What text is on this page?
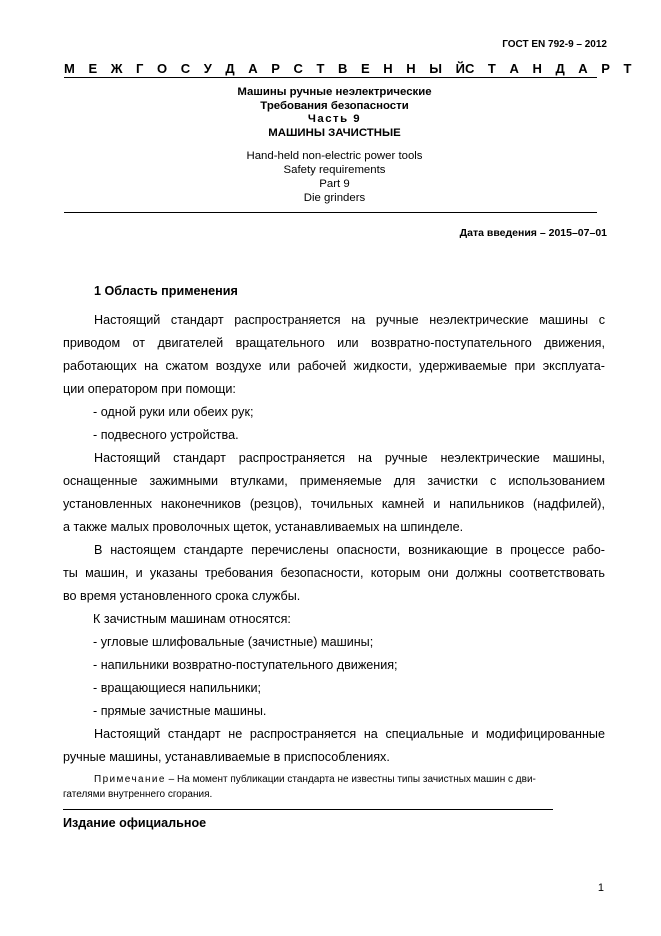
ГОСТ EN 792-9 – 2012
М Е Ж Г О С У Д А Р С Т В Е Н Н Ы Й С Т А Н Д А Р Т
Машины ручные неэлектрические
Требования безопасности
Часть 9
МАШИНЫ ЗАЧИСТНЫЕ
Hand-held non-electric power tools
Safety requirements
Part 9
Die grinders
Дата введения – 2015–07–01
1 Область применения
Настоящий стандарт распространяется на ручные неэлектрические машины с
приводом от двигателей вращательного или возвратно-поступательного движения,
работающих на сжатом воздухе или рабочей жидкости, удерживаемые при эксплуата-
ции оператором при помощи:
- одной руки или обеих рук;
- подвесного устройства.
Настоящий стандарт распространяется на ручные неэлектрические машины,
оснащенные зажимными втулками, применяемые для зачистки с использованием
установленных наконечников (резцов), точильных камней и напильников (надфилей),
а также малых проволочных щеток, устанавливаемых на шпинделе.
В настоящем стандарте перечислены опасности, возникающие в процессе рабо-
ты машин, и указаны требования безопасности, которым они должны соответствовать
во время установленного срока службы.
К зачистным машинам относятся:
- угловые шлифовальные (зачистные) машины;
- напильники возвратно-поступательного движения;
- вращающиеся напильники;
- прямые зачистные машины.
Настоящий стандарт не распространяется на специальные и модифицированные
ручные машины, устанавливаемые в приспособлениях.
Примечание – На момент публикации стандарта не известны типы зачистных машин с дви-
гателями внутреннего сгорания.
Издание официальное
1
